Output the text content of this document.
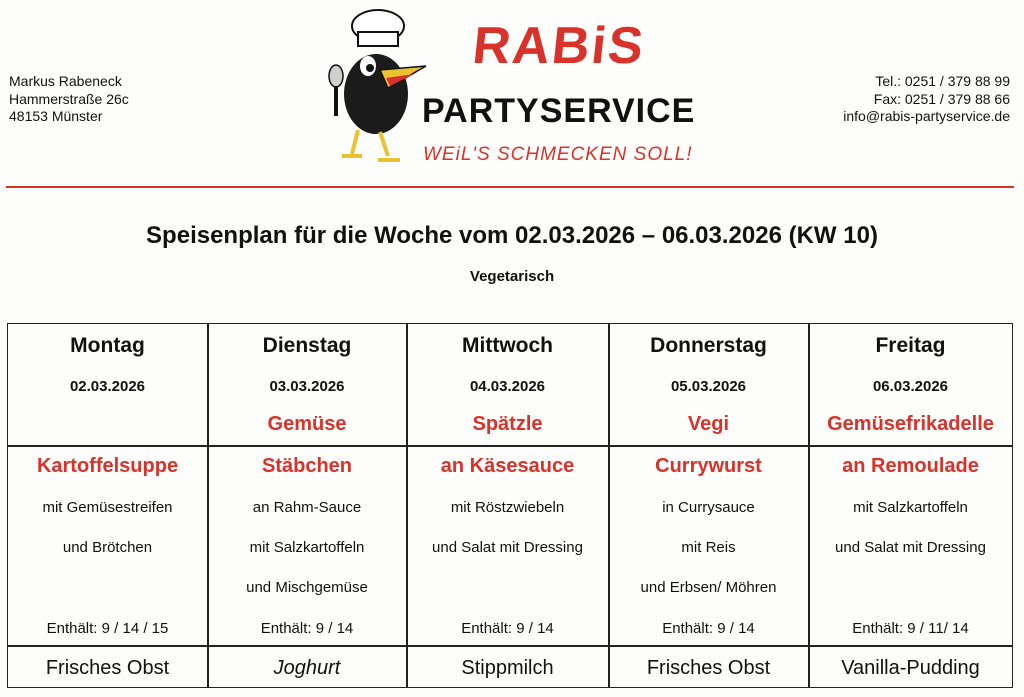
Markus Rabeneck
Hammerstraße 26c
48153 Münster
RABiS
PARTYSERVICE
WEiL'S SCHMECKEN SOLL!
Tel.: 0251 / 379 88 99
Fax: 0251 / 379 88 66
info@rabis-partyservice.de
Speisenplan für die Woche vom 02.03.2026 – 06.03.2026 (KW 10)
Vegetarisch
Montag
02.03.2026
Kartoffelsuppe
mit Gemüsestreifen
und Brötchen
Enthält: 9 / 14 / 15
Frisches Obst
Dienstag
03.03.2026
Gemüse
Stäbchen
an Rahm-Sauce
mit Salzkartoffeln
und Mischgemüse
Enthält: 9 / 14
Joghurt
Mittwoch
04.03.2026
Spätzle
an Käsesauce
mit Röstzwiebeln
und Salat mit Dressing
Enthält: 9 / 14
Stippmilch
Donnerstag
05.03.2026
Vegi
Currywurst
in Currysauce
mit Reis
und Erbsen/ Möhren
Enthält: 9 / 14
Frisches Obst
Freitag
06.03.2026
Gemüsefrikadelle
an Remoulade
mit Salzkartoffeln
und Salat mit Dressing
Enthält: 9 / 11/ 14
Vanilla-Pudding
